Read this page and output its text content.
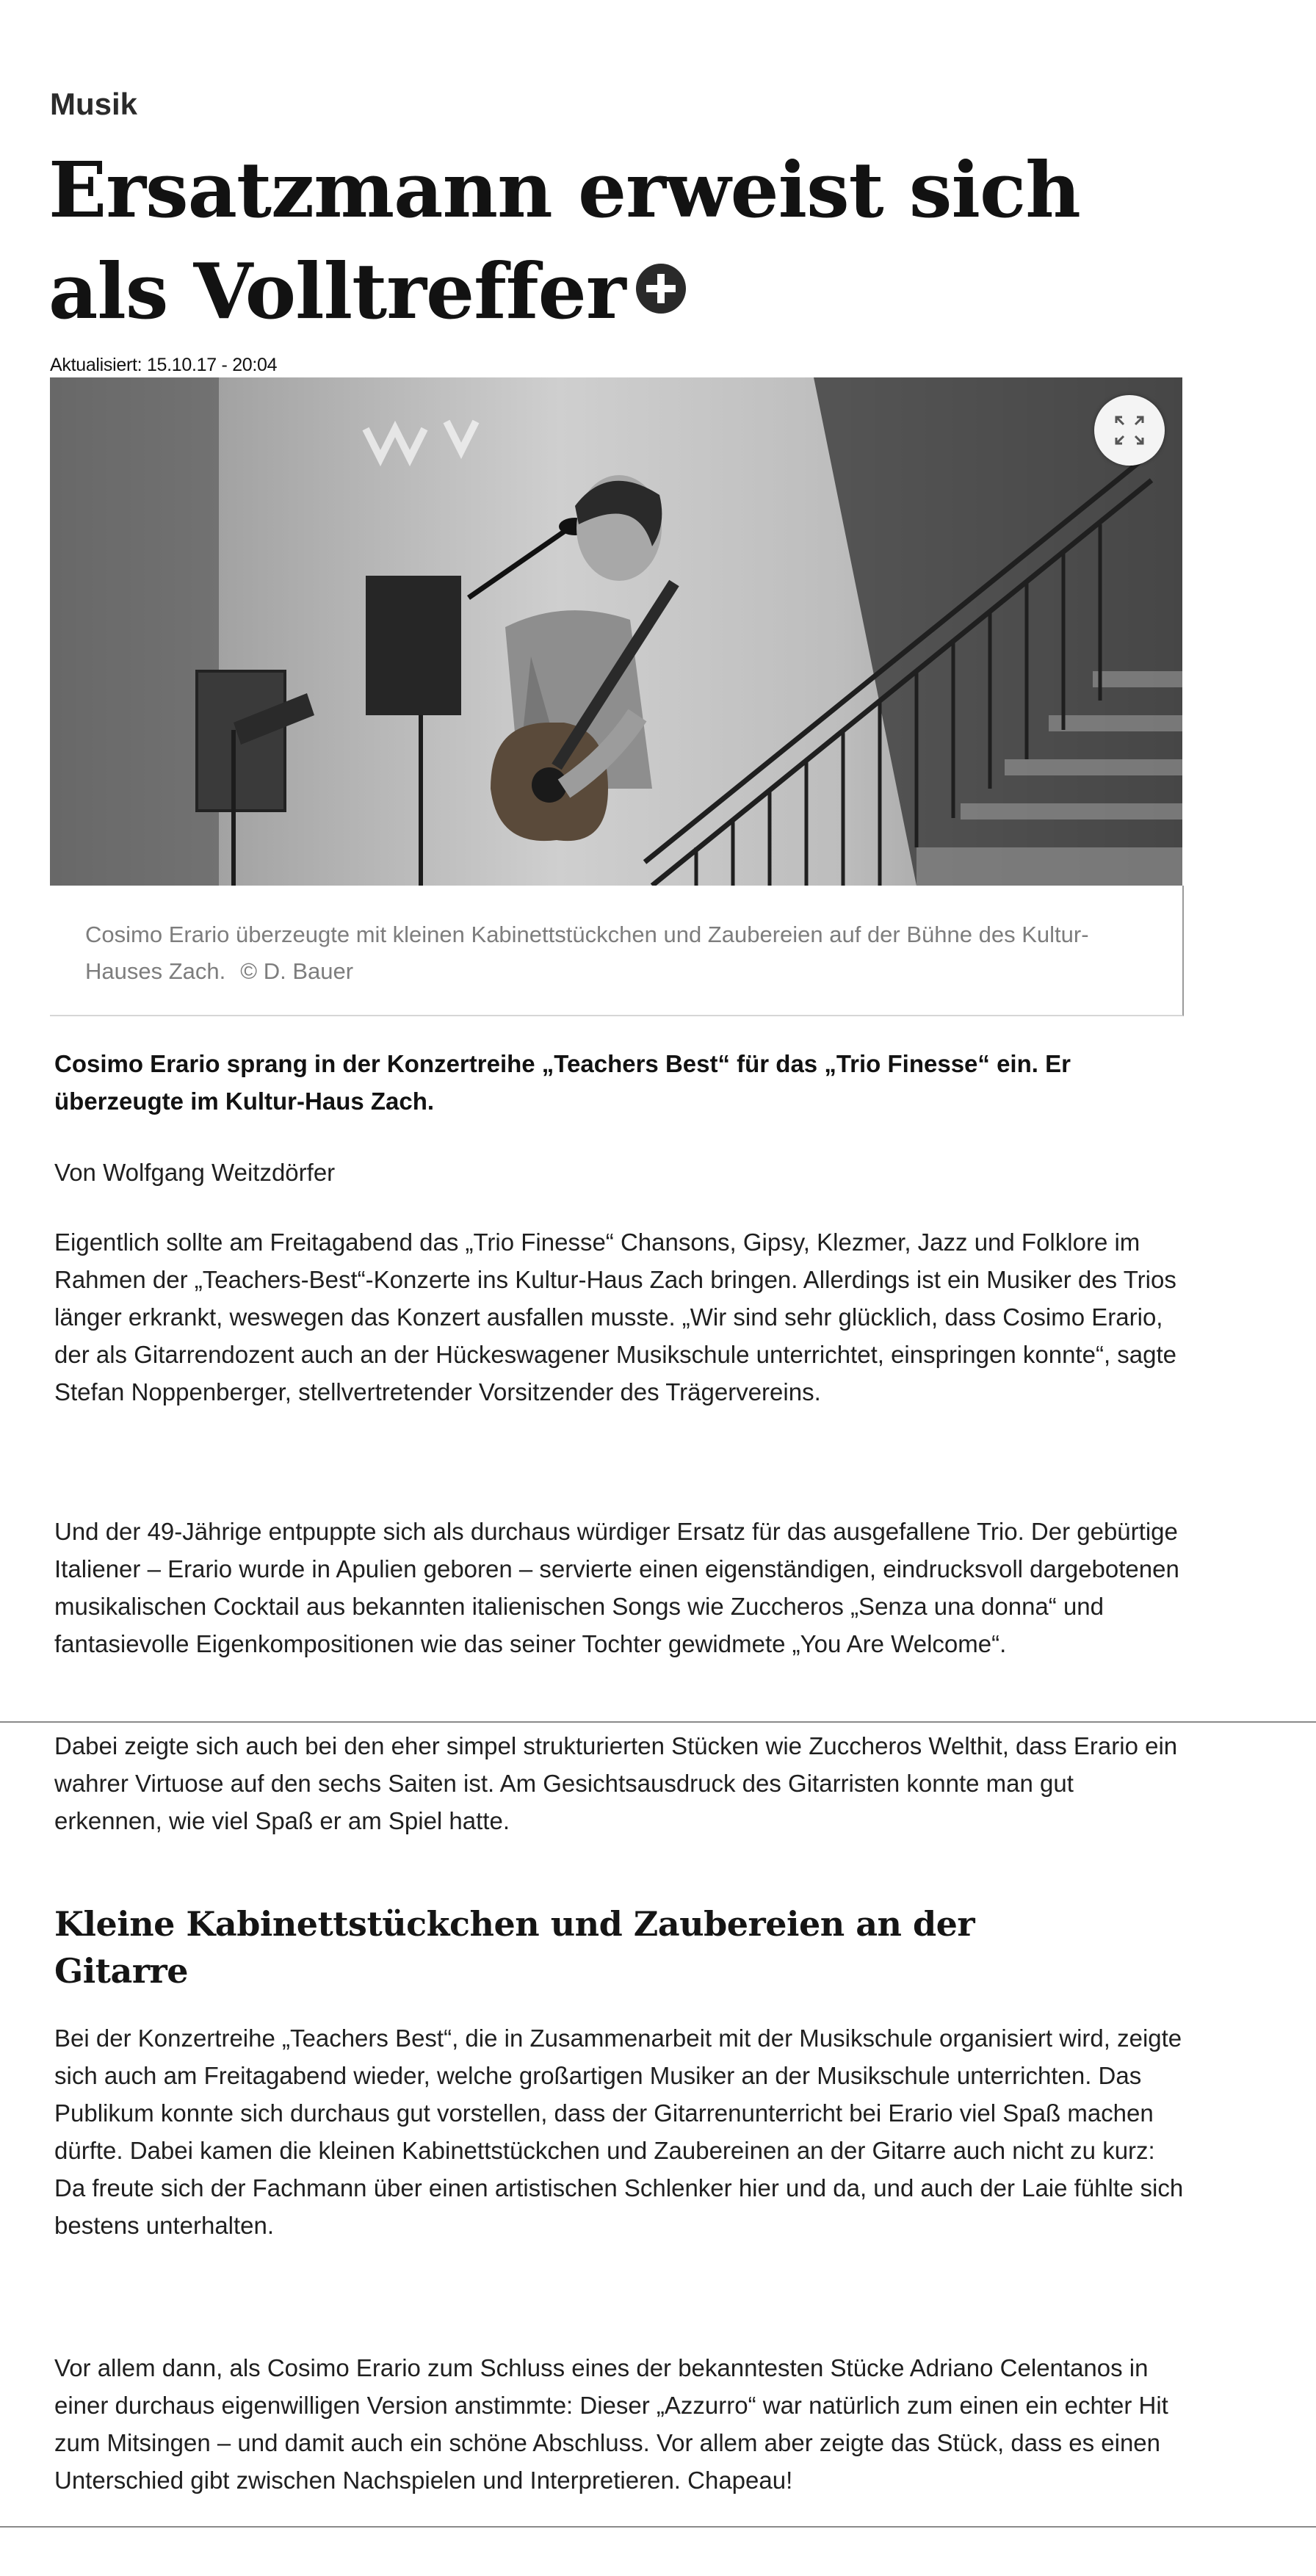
Musik
Ersatzmann erweist sich als Volltreffer
Aktualisiert: 15.10.17 - 20:04

Cosimo Erario überzeugte mit kleinen Kabinettstückchen und Zaubereien auf der Bühne des Kultur-Hauses Zach. © D. Bauer

Cosimo Erario sprang in der Konzertreihe „Teachers Best“ für das „Trio Finesse“ ein. Er überzeugte im Kultur-Haus Zach.

Von Wolfgang Weitzdörfer

Eigentlich sollte am Freitagabend das „Trio Finesse“ Chansons, Gipsy, Klezmer, Jazz und Folklore im Rahmen der „Teachers-Best“-Konzerte ins Kultur-Haus Zach bringen. Allerdings ist ein Musiker des Trios länger erkrankt, weswegen das Konzert ausfallen musste. „Wir sind sehr glücklich, dass Cosimo Erario, der als Gitarrendozent auch an der Hückeswagener Musikschule unterrichtet, einspringen konnte“, sagte Stefan Noppenberger, stellvertretender Vorsitzender des Trägervereins.

Und der 49-Jährige entpuppte sich als durchaus würdiger Ersatz für das ausgefallene Trio. Der gebürtige Italiener – Erario wurde in Apulien geboren – servierte einen eigenständigen, eindrucksvoll dargebotenen musikalischen Cocktail aus bekannten italienischen Songs wie Zuccheros „Senza una donna“ und fantasievolle Eigenkompositionen wie das seiner Tochter gewidmete „You Are Welcome“.

Dabei zeigte sich auch bei den eher simpel strukturierten Stücken wie Zuccheros Welthit, dass Erario ein wahrer Virtuose auf den sechs Saiten ist. Am Gesichtsausdruck des Gitarristen konnte man gut erkennen, wie viel Spaß er am Spiel hatte.

Kleine Kabinettstückchen und Zaubereien an der Gitarre

Bei der Konzertreihe „Teachers Best“, die in Zusammenarbeit mit der Musikschule organisiert wird, zeigte sich auch am Freitagabend wieder, welche großartigen Musiker an der Musikschule unterrichten. Das Publikum konnte sich durchaus gut vorstellen, dass der Gitarrenunterricht bei Erario viel Spaß machen dürfte. Dabei kamen die kleinen Kabinettstückchen und Zaubereinen an der Gitarre auch nicht zu kurz: Da freute sich der Fachmann über einen artistischen Schlenker hier und da, und auch der Laie fühlte sich bestens unterhalten.

Vor allem dann, als Cosimo Erario zum Schluss eines der bekanntesten Stücke Adriano Celentanos in einer durchaus eigenwilligen Version anstimmte: Dieser „Azzurro“ war natürlich zum einen ein echter Hit zum Mitsingen – und damit auch ein schöne Abschluss. Vor allem aber zeigte das Stück, dass es einen Unterschied gibt zwischen Nachspielen und Interpretieren. Chapeau!
